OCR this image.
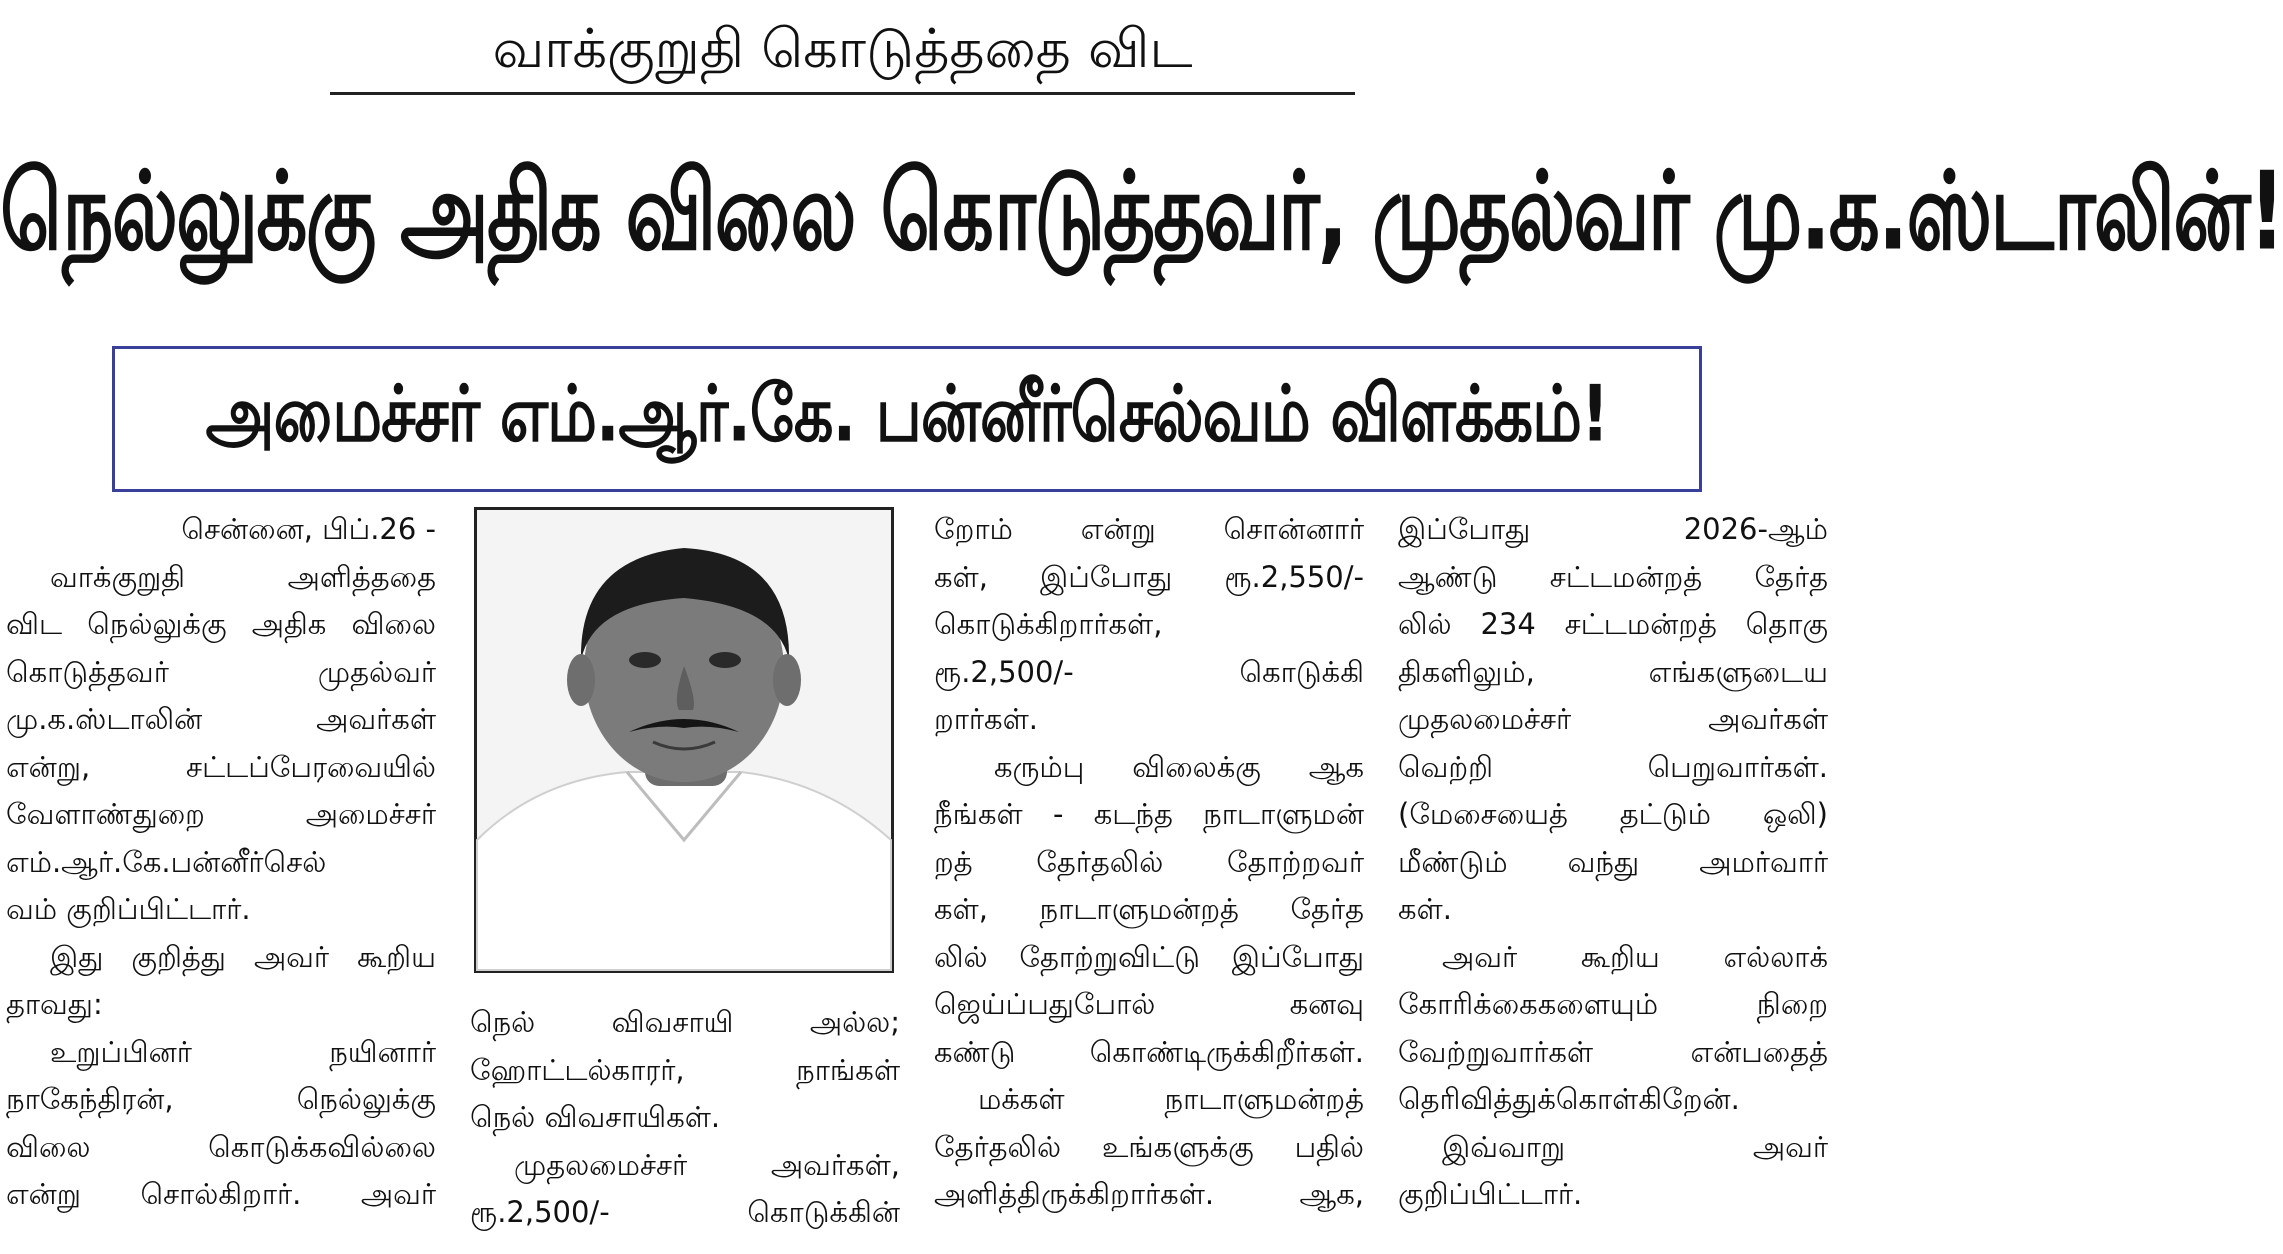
வாக்குறுதி கொடுத்ததை விட
நெல்லுக்கு அதிக விலை கொடுத்தவர், முதல்வர் மு.க.ஸ்டாலின்!
அமைச்சர் எம்.ஆர்.கே. பன்னீர்செல்வம் விளக்கம்!
சென்னை, பிப்.26 -
வாக்குறுதி அளித்ததை
விட நெல்லுக்கு அதிக விலை
கொடுத்தவர் முதல்வர்
மு.க.ஸ்டாலின் அவர்கள்
என்று, சட்டப்பேரவையில்
வேளாண்துறை அமைச்சர்
எம்.ஆர்.கே.பன்னீர்செல்
வம் குறிப்பிட்டார்.
இது குறித்து அவர் கூறிய
தாவது:
உறுப்பினர் நயினார்
நாகேந்திரன், நெல்லுக்கு
விலை கொடுக்கவில்லை
என்று சொல்கிறார். அவர்
நெல் விவசாயி அல்ல;
ஹோட்டல்காரர், நாங்கள்
நெல் விவசாயிகள்.
முதலமைச்சர் அவர்கள்,
ரூ.2,500/- கொடுக்கின்
றோம் என்று சொன்னார்
கள், இப்போது ரூ.2,550/-
கொடுக்கிறார்கள்,
ரூ.2,500/- கொடுக்கி
றார்கள்.
கரும்பு விலைக்கு ஆக
நீங்கள் - கடந்த நாடாளுமன்
றத் தேர்தலில் தோற்றவர்
கள், நாடாளுமன்றத் தேர்த
லில் தோற்றுவிட்டு இப்போது
ஜெய்ப்பதுபோல் கனவு
கண்டு கொண்டிருக்கிறீர்கள்.
மக்கள் நாடாளுமன்றத்
தேர்தலில் உங்களுக்கு பதில்
அளித்திருக்கிறார்கள். ஆக,
இப்போது 2026-ஆம்
ஆண்டு சட்டமன்றத் தேர்த
லில் 234 சட்டமன்றத் தொகு
திகளிலும், எங்களுடைய
முதலமைச்சர் அவர்கள்
வெற்றி பெறுவார்கள்.
(மேசையைத் தட்டும் ஒலி)
மீண்டும் வந்து அமர்வார்
கள்.
அவர் கூறிய எல்லாக்
கோரிக்கைகளையும் நிறை
வேற்றுவார்கள் என்பதைத்
தெரிவித்துக்கொள்கிறேன்.
இவ்வாறு அவர்
குறிப்பிட்டார்.
